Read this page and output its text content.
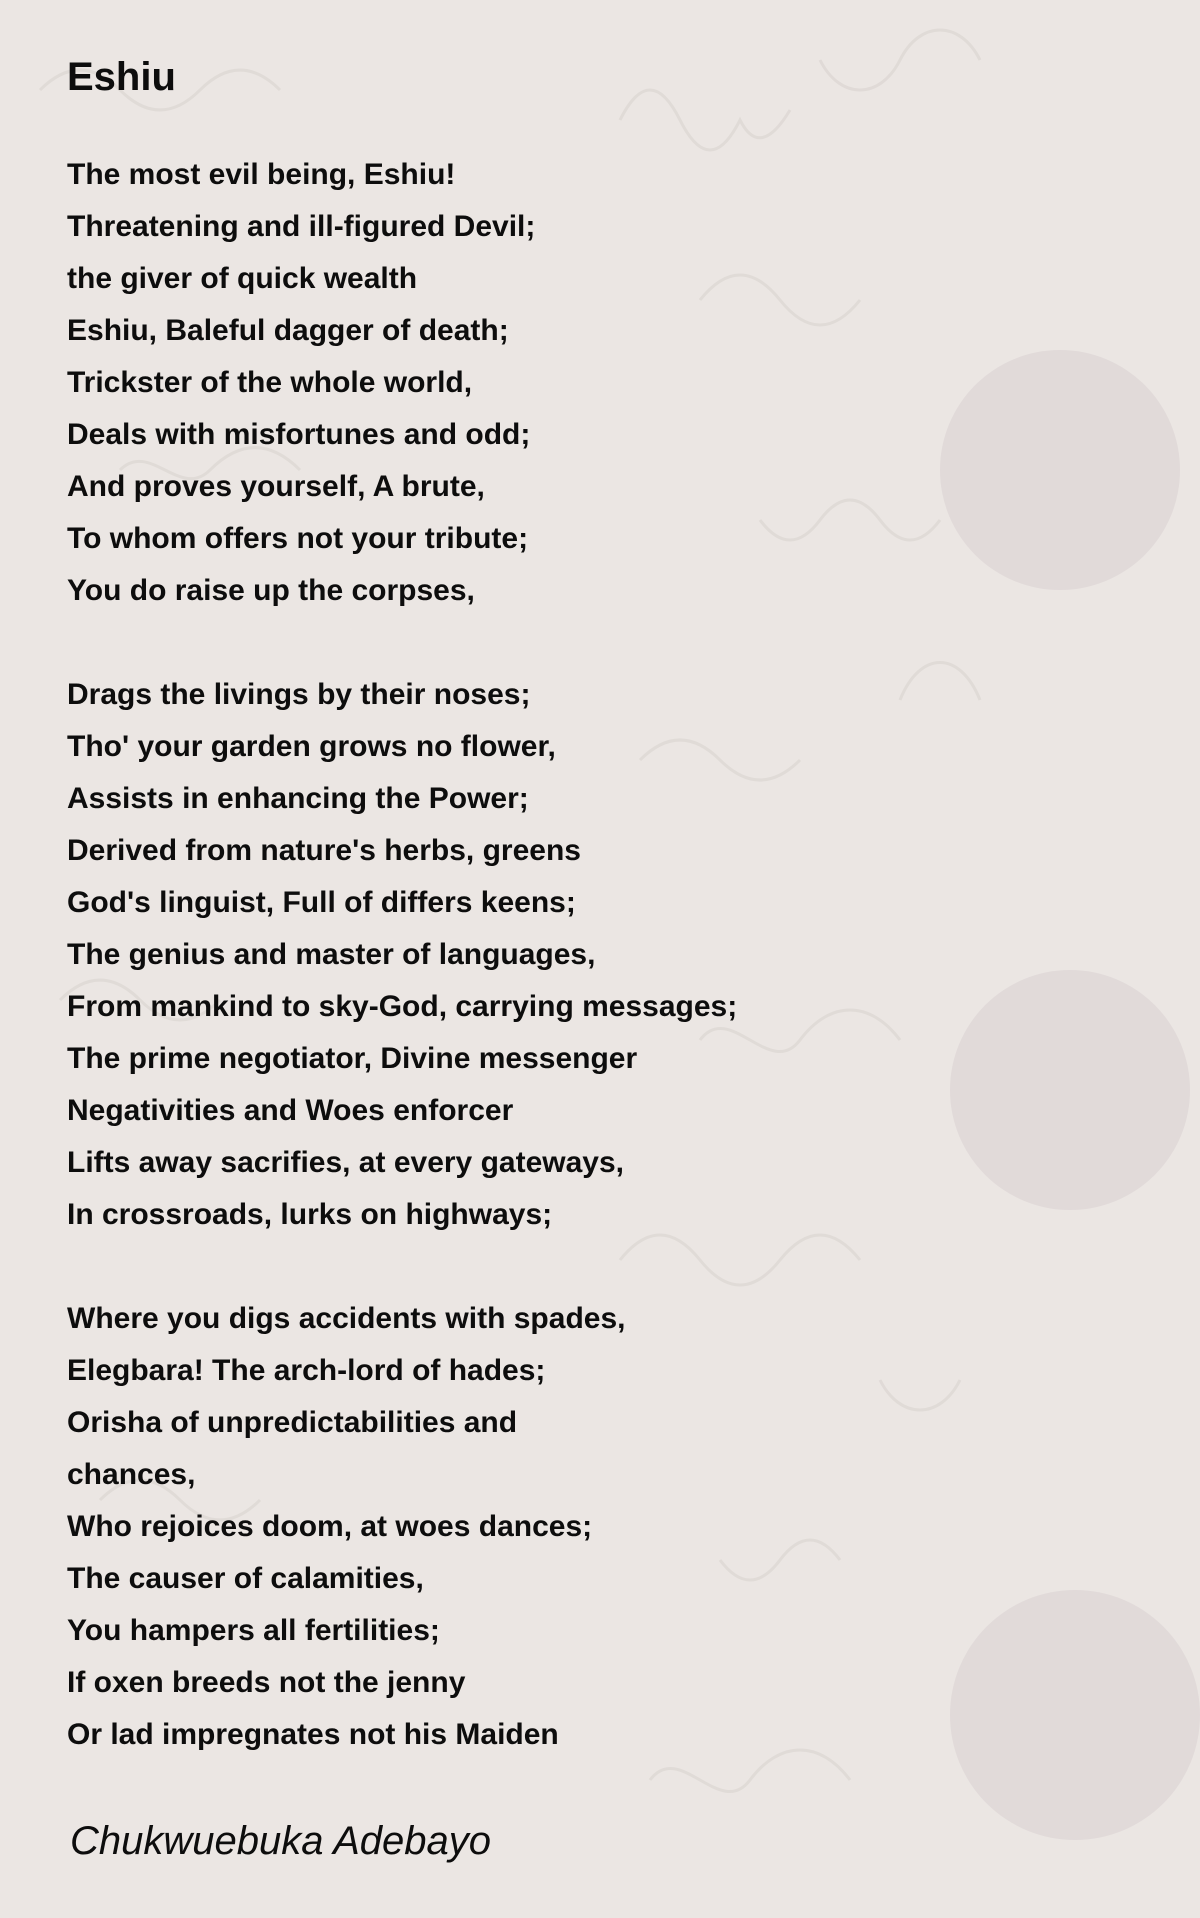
Eshiu
The most evil being, Eshiu!
Threatening and ill-figured Devil;
the giver of quick wealth
Eshiu, Baleful dagger of death;
Trickster of the whole world,
Deals with misfortunes and odd;
And proves yourself, A brute,
To whom offers not your tribute;
You do raise up the corpses,
Drags the livings by their noses;
Tho' your garden grows no flower,
Assists in enhancing the Power;
Derived from nature's herbs, greens
God's linguist, Full of differs keens;
The genius and master of languages,
From mankind to sky-God, carrying messages;
The prime negotiator, Divine messenger
Negativities and Woes enforcer
Lifts away sacrifies, at every gateways,
In crossroads, lurks on highways;
Where you digs accidents with spades,
Elegbara! The arch-lord of hades;
Orisha of unpredictabilities and
chances,
Who rejoices doom, at woes dances;
The causer of calamities,
You hampers all fertilities;
If oxen breeds not the jenny
Or lad impregnates not his Maiden

Chukwuebuka Adebayo
